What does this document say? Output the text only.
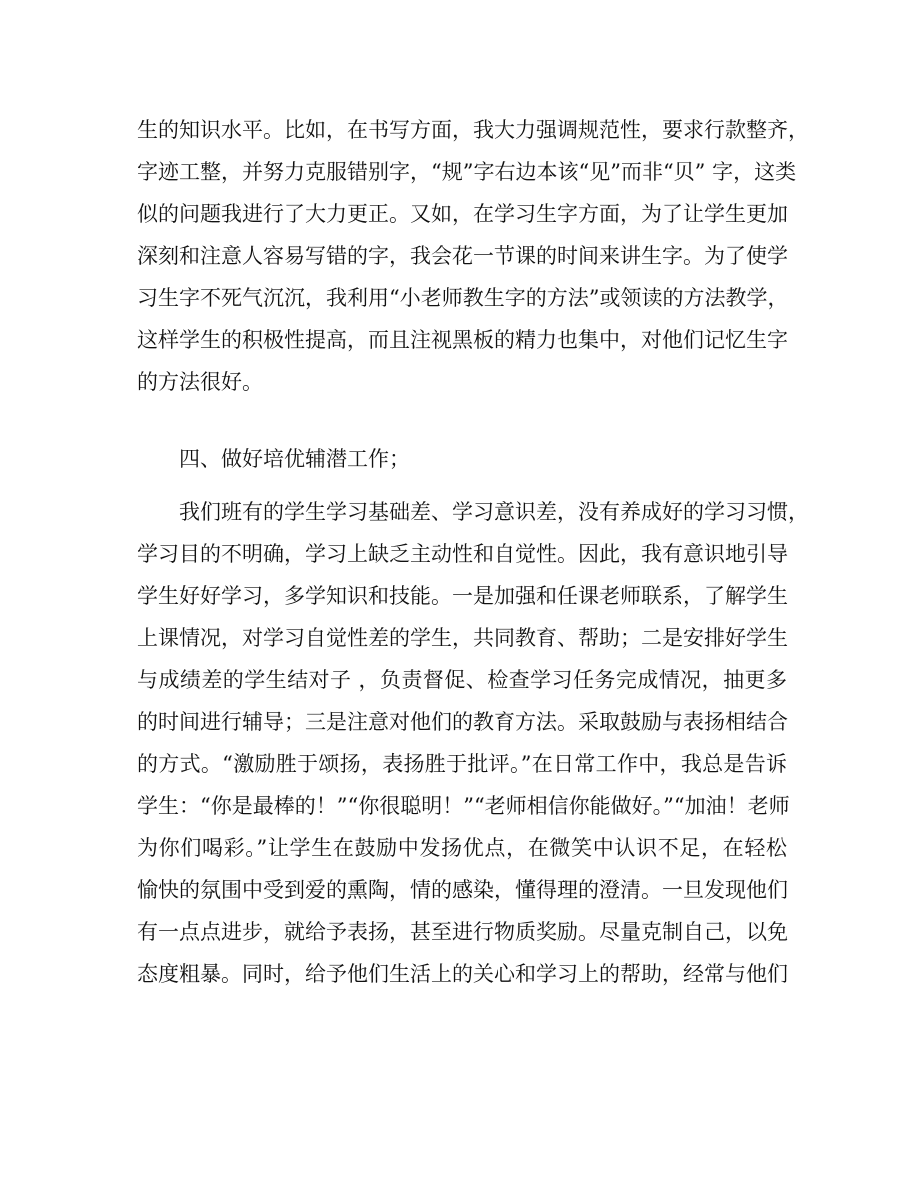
生的知识水平。比如，在书写方面，我大力强调规范性，要求行款整齐，
字迹工整，并努力克服错别字，“规”字右边本该“见”而非“贝” 字，这类
似的问题我进行了大力更正。又如，在学习生字方面，为了让学生更加
深刻和注意人容易写错的字，我会花一节课的时间来讲生字。为了使学
习生字不死气沉沉，我利用“小老师教生字的方法”或领读的方法教学，
这样学生的积极性提高，而且注视黑板的精力也集中，对他们记忆生字
的方法很好。
四、做好培优辅潜工作；
我们班有的学生学习基础差、学习意识差，没有养成好的学习习惯，
学习目的不明确，学习上缺乏主动性和自觉性。因此，我有意识地引导
学生好好学习，多学知识和技能。一是加强和任课老师联系，了解学生
上课情况，对学习自觉性差的学生，共同教育、帮助；二是安排好学生
与成绩差的学生结对子 ，负责督促、检查学习任务完成情况，抽更多
的时间进行辅导；三是注意对他们的教育方法。采取鼓励与表扬相结合
的方式。“激励胜于颂扬，表扬胜于批评。”在日常工作中，我总是告诉
学生：“你是最棒的！”“你很聪明！”“老师相信你能做好。”“加油！老师
为你们喝彩。”让学生在鼓励中发扬优点，在微笑中认识不足，在轻松
愉快的氛围中受到爱的熏陶，情的感染，懂得理的澄清。一旦发现他们
有一点点进步，就给予表扬，甚至进行物质奖励。尽量克制自己，以免
态度粗暴。同时，给予他们生活上的关心和学习上的帮助，经常与他们
